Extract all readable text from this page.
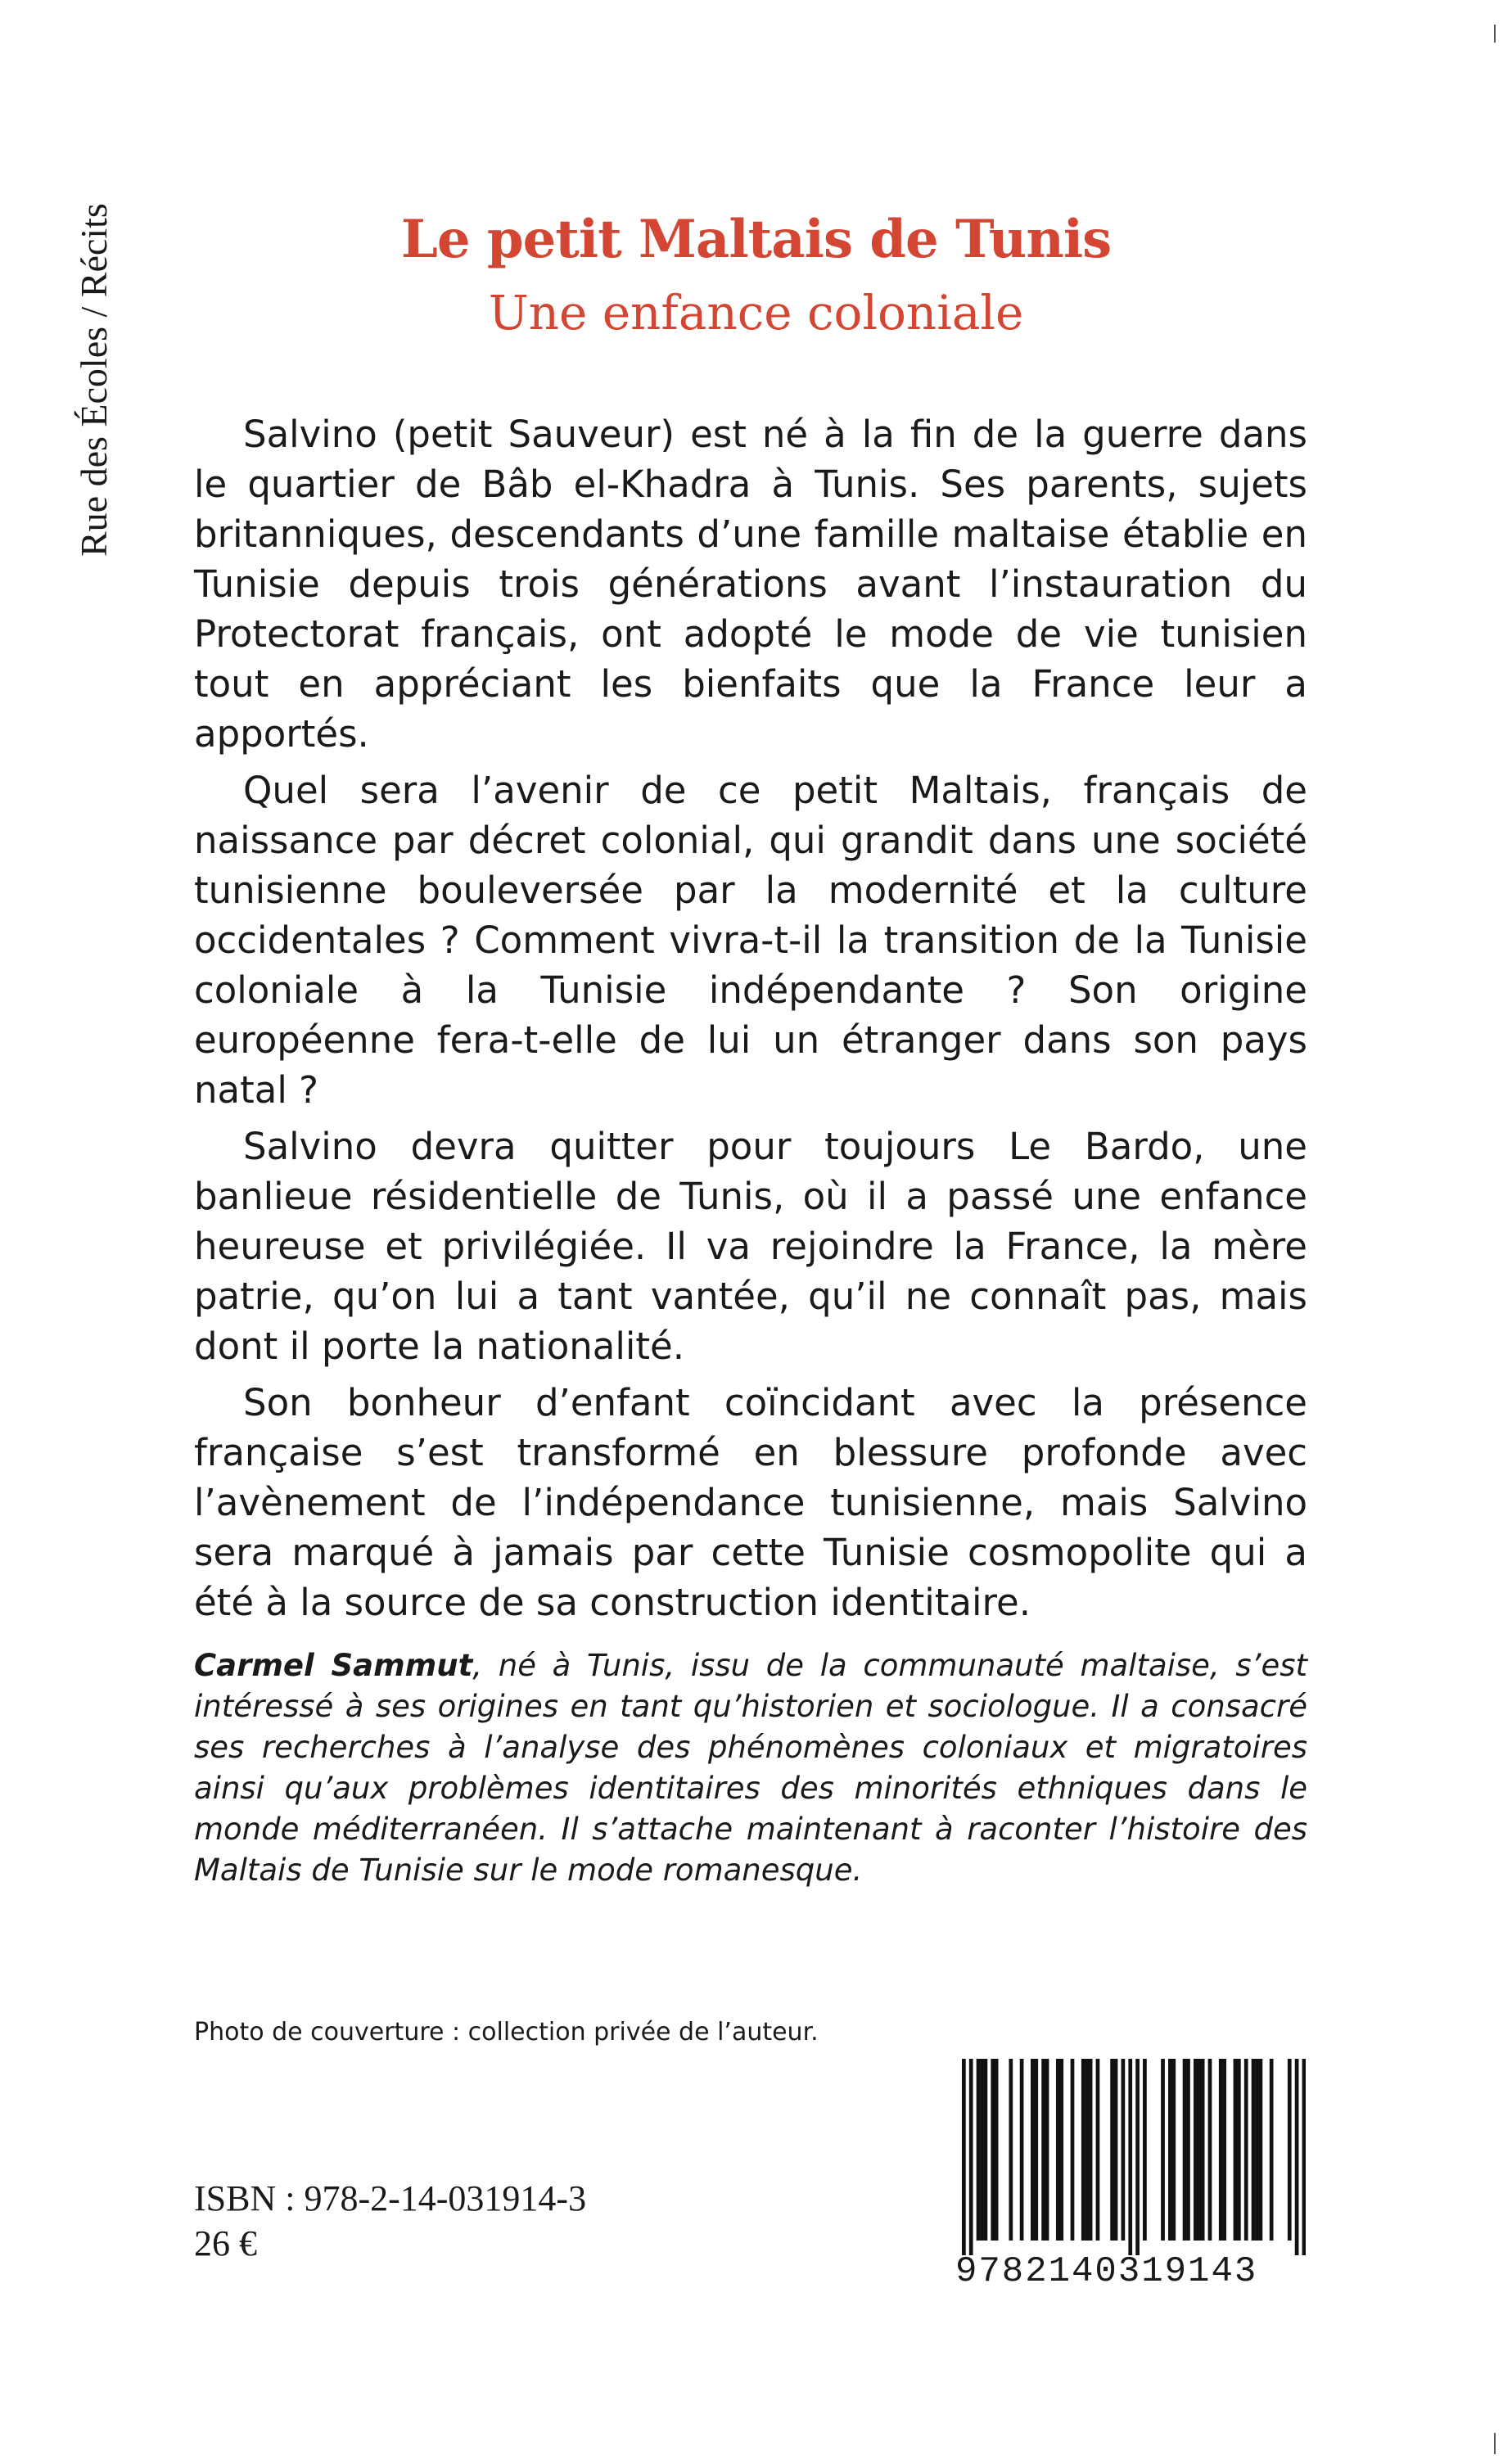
Rue des Écoles / Récits	Le petit Maltais de Tunis
Une enfance coloniale

Salvino (petit Sauveur) est né à la fin de la guerre dans le quartier de Bâb el-Khadra à Tunis. Ses parents, sujets britanniques, descendants d’une famille maltaise établie en Tunisie depuis trois générations avant l’instauration du Protectorat français, ont adopté le mode de vie tunisien tout en appréciant les bienfaits que la France leur a apportés.

Quel sera l’avenir de ce petit Maltais, français de naissance par décret colonial, qui grandit dans une société tunisienne bouleversée par la modernité et la culture occidentales ? Comment vivra-t-il la transition de la Tunisie coloniale à la Tunisie indépendante ? Son origine européenne fera-t-elle de lui un étranger dans son pays natal ?

Salvino devra quitter pour toujours Le Bardo, une banlieue résidentielle de Tunis, où il a passé une enfance heureuse et privilégiée. Il va rejoindre la France, la mère patrie, qu’on lui a tant vantée, qu’il ne connaît pas, mais dont il porte la nationalité.

Son bonheur d’enfant coïncidant avec la présence française s’est transformé en blessure profonde avec l’avènement de l’indépendance tunisienne, mais Salvino sera marqué à jamais par cette Tunisie cosmopolite qui a été à la source de sa construction identitaire.

Carmel Sammut, né à Tunis, issu de la communauté maltaise, s’est intéressé à ses origines en tant qu’historien et sociologue. Il a consacré ses recherches à l’analyse des phénomènes coloniaux et migratoires ainsi qu’aux problèmes identitaires des minorités ethniques dans le monde méditerranéen. Il s’attache maintenant à raconter l’histoire des Maltais de Tunisie sur le mode romanesque.

Photo de couverture : collection privée de l’auteur.
ISBN : 978-2-14-031914-3
26 €
9782140319143
